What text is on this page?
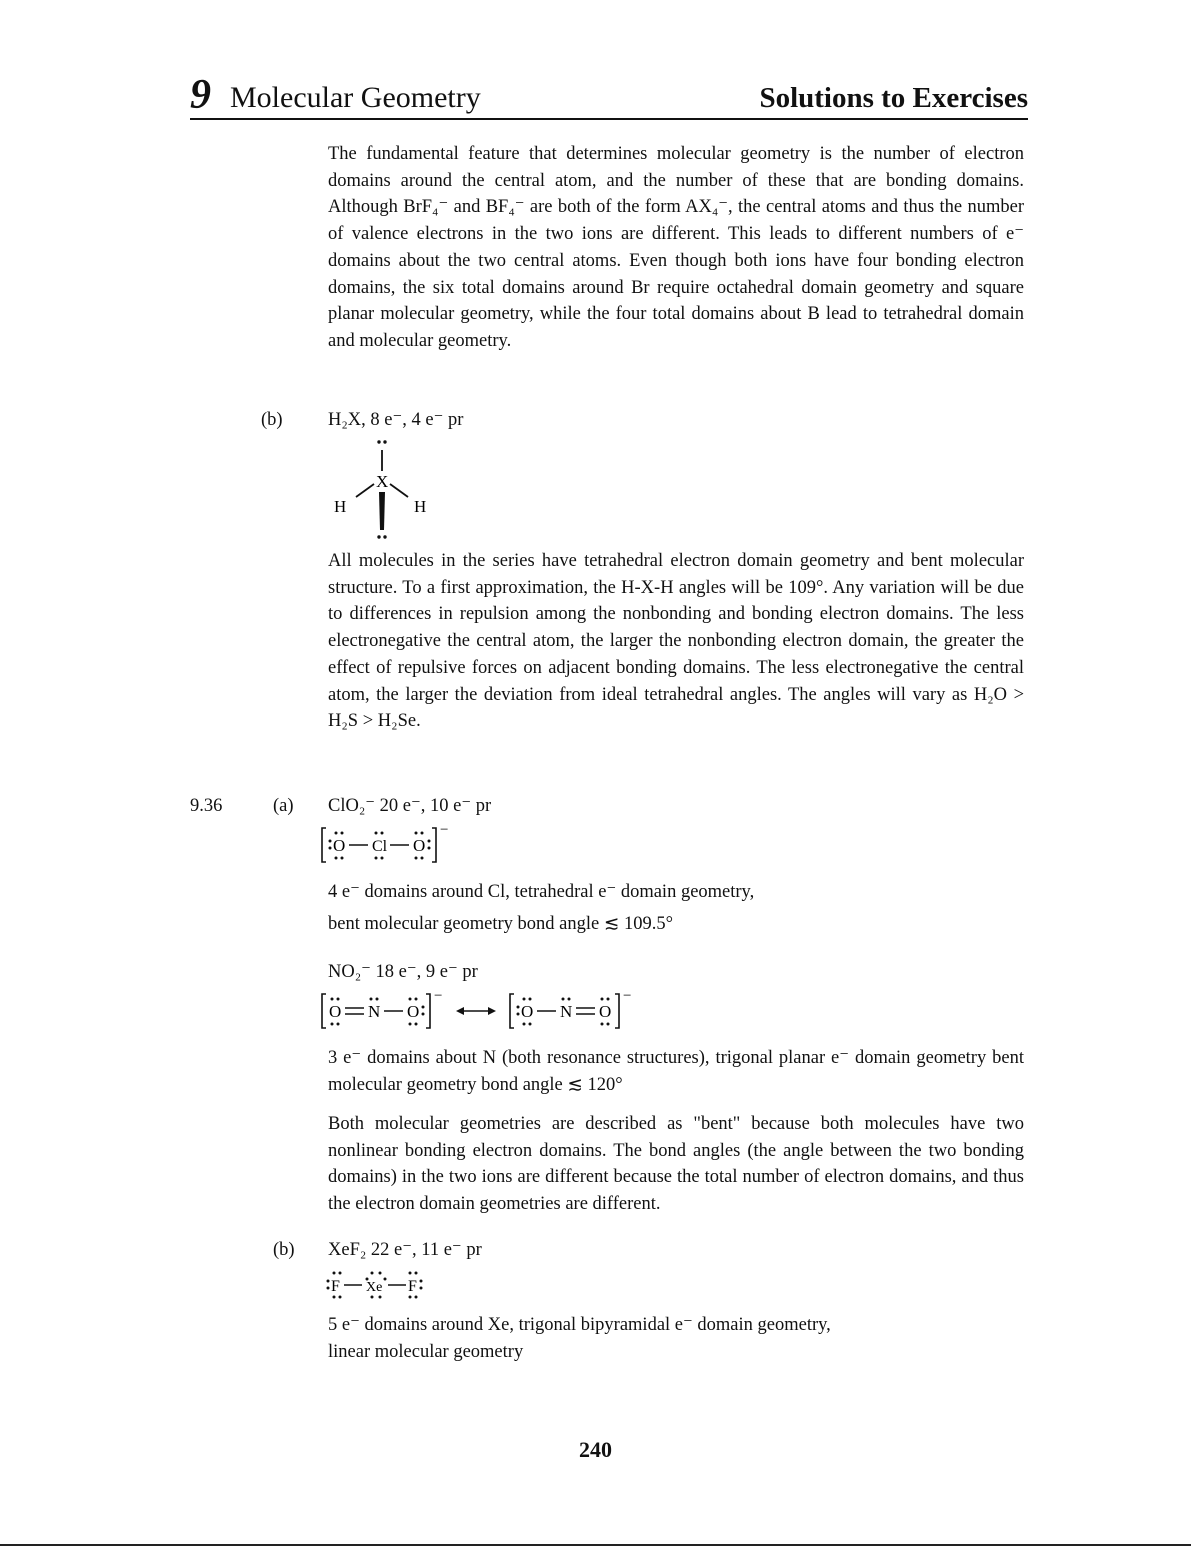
9 Molecular Geometry	Solutions to Exercises

The fundamental feature that determines molecular geometry is the number of electron domains around the central atom, and the number of these that are bonding domains. Although BrF₄⁻ and BF₄⁻ are both of the form AX₄⁻, the central atoms and thus the number of valence electrons in the two ions are different. This leads to different numbers of e⁻ domains about the two central atoms. Even though both ions have four bonding electron domains, the six total domains around Br require octahedral domain geometry and square planar molecular geometry, while the four total domains about B lead to tetrahedral domain and molecular geometry.

(b) H₂X, 8 e⁻, 4 e⁻ pr
X
H	H

All molecules in the series have tetrahedral electron domain geometry and bent molecular structure. To a first approximation, the H-X-H angles will be 109°. Any variation will be due to differences in repulsion among the nonbonding and bonding electron domains. The less electronegative the central atom, the larger the nonbonding electron domain, the greater the effect of repulsive forces on adjacent bonding domains. The less electronegative the central atom, the larger the deviation from ideal tetrahedral angles. The angles will vary as H₂O > H₂S > H₂Se.

9.36	(a) ClO₂⁻ 20 e⁻, 10 e⁻ pr
O Cl O
−
4 e⁻ domains around Cl, tetrahedral e⁻ domain geometry,
bent molecular geometry bond angle ≲ 109.5°
NO₂⁻ 18 e⁻, 9 e⁻ pr
O N O
−
O N O
−

3 e⁻ domains about N (both resonance structures), trigonal planar e⁻ domain geometry bent molecular geometry bond angle ≲ 120°

Both molecular geometries are described as "bent" because both molecules have two nonlinear bonding electron domains. The bond angles (the angle between the two bonding domains) in the two ions are different because the total number of electron domains, and thus the electron domain geometries are different.

(b) XeF₂ 22 e⁻, 11 e⁻ pr
F Xe F
5 e⁻ domains around Xe, trigonal bipyramidal e⁻ domain geometry,
linear molecular geometry
240
